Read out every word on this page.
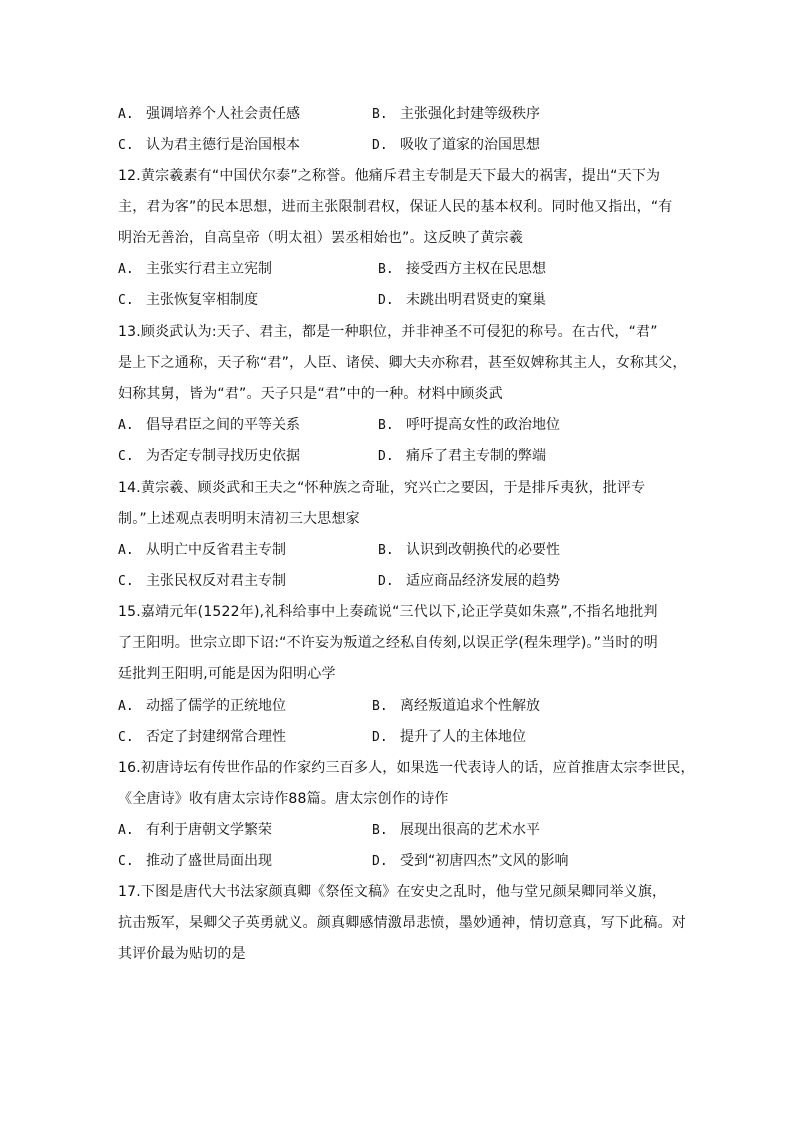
A. 强调培养个人社会责任感	B. 主张强化封建等级秩序
C. 认为君主德行是治国根本	D. 吸收了道家的治国思想
12.黄宗羲素有“中国伏尔泰”之称誉。他痛斥君主专制是天下最大的祸害，提出“天下为
主，君为客”的民本思想，进而主张限制君权，保证人民的基本权利。同时他又指出，“有
明治无善治，自高皇帝（明太祖）罢丞相始也”。这反映了黄宗羲
A. 主张实行君主立宪制	B. 接受西方主权在民思想
C. 主张恢复宰相制度	D. 未跳出明君贤吏的窠巢
13.顾炎武认为:天子、君主，都是一种职位，并非神圣不可侵犯的称号。在古代，“君”
是上下之通称，天子称“君”，人臣、诸侯、卿大夫亦称君，甚至奴婢称其主人，女称其父，
妇称其舅，皆为“君”。天子只是“君”中的一种。材料中顾炎武
A. 倡导君臣之间的平等关系	B. 呼吁提高女性的政治地位
C. 为否定专制寻找历史依据	D. 痛斥了君主专制的弊端
14.黄宗羲、顾炎武和王夫之“怀种族之奇耻，究兴亡之要因，于是排斥夷狄，批评专
制。”上述观点表明明末清初三大思想家
A. 从明亡中反省君主专制	B. 认识到改朝换代的必要性
C. 主张民权反对君主专制	D. 适应商品经济发展的趋势
15.嘉靖元年(1522年),礼科给事中上奏疏说“三代以下,论正学莫如朱熹”,不指名地批判
了王阳明。世宗立即下诏:“不许妄为叛道之经私自传刻,以误正学(程朱理学)。”当时的明
廷批判王阳明,可能是因为阳明心学
A. 动摇了儒学的正统地位	B. 离经叛道追求个性解放
C. 否定了封建纲常合理性	D. 提升了人的主体地位
16.初唐诗坛有传世作品的作家约三百多人，如果选一代表诗人的话，应首推唐太宗李世民，
《全唐诗》收有唐太宗诗作88篇。唐太宗创作的诗作
A. 有利于唐朝文学繁荣	B. 展现出很高的艺术水平
C. 推动了盛世局面出现	D. 受到“初唐四杰”文风的影响
17.下图是唐代大书法家颜真卿《祭侄文稿》在安史之乱时，他与堂兄颜杲卿同举义旗，
抗击叛军，杲卿父子英勇就义。颜真卿感情激昂悲愤，墨妙通神，情切意真，写下此稿。对
其评价最为贴切的是
